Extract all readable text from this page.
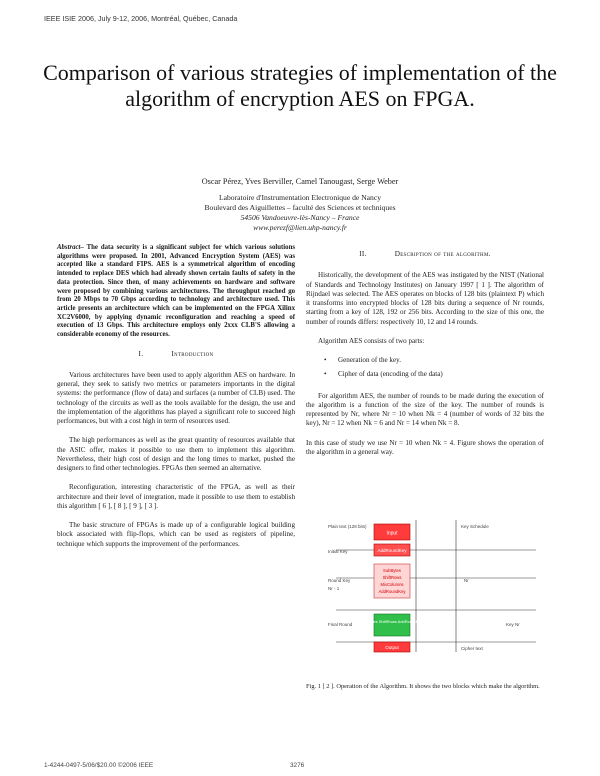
IEEE ISIE 2006, July 9-12, 2006, Montréal, Québec, Canada
Comparison of various strategies of implementation of the algorithm of encryption AES on FPGA.
Oscar Pérez, Yves Berviller, Camel Tanougast, Serge Weber
Laboratoire d'Instrumentation Electronique de Nancy
Boulevard des Aiguillettes – faculté des Sciences et techniques
54506 Vandoeuvre-lès-Nancy – France
www.perezf@lien.uhp-nancy.fr
Abstract– The data security is a significant subject for which various solutions algorithms were proposed. In 2001, Advanced Encryption System (AES) was accepted like a standard FIPS. AES is a symmetrical algorithm of encoding intended to replace DES which had already shown certain faults of safety in the data protection. Since then, of many achievements on hardware and software were proposed by combining various architectures. The throughput reached go from 20 Mbps to 70 Gbps according to technology and architecture used. This article presents an architecture which can be implemented on the FPGA Xilinx XC2V6000, by applying dynamic reconfiguration and reaching a speed of execution of 13 Gbps. This architecture employs only 2xxx CLB'S allowing a considerable economy of the resources.
I.	Introduction

Various architectures have been used to apply algorithm AES on hardware. In general, they seek to satisfy two metrics or parameters importants in the digital systems: the performance (flow of data) and surfaces (a number of CLB) used. The technology of the circuits as well as the tools available for the design, the use and the implementation of the algorithms has played a significant role to succeed high performances, but with a cost high in term of resources used.

The high performances as well as the great quantity of resources available that the ASIC offer, makes it possible to use them to implement this algorithm. Nevertheless, their high cost of design and the long times to market, pushed the designers to find other technologies. FPGAs then seemed an alternative.

Reconfiguration, interesting characteristic of the FPGA, as well as their architecture and their level of integration, made it possible to use them to establish this algorithm [ 6 ], [ 8 ], [ 9 ], [ 3 ].

The basic structure of FPGAs is made up of a configurable logical building block associated with flip-flops, which can be used as registers of pipeline, technique which supports the improvement of the performances.

II.	Description of the algorithm.

Historically, the development of the AES was instigated by the NIST (National of Standards and Technology Institutes) on January 1997 [ 1 ]. The algorithm of Rijndael was selected. The AES operates on blocks of 128 bits (plaintext P) which it transforms into encrypted blocks of 128 bits during a sequence of Nr rounds, starting from a key of 128, 192 or 256 bits. According to the size of this one, the number of rounds differs: respectively 10, 12 and 14 rounds.

Algorithm AES consists of two parts:

• Generation of the key.
• Cipher of data (encoding of the data)

For algorithm AES, the number of rounds to be made during the execution of the algorithm is a function of the size of the key. The number of rounds is represented by Nr, where Nr = 10 when Nk = 4 (number of words of 32 bits the key), Nr = 12 when Nk = 6 and Nr = 14 when Nk = 8.

In this case of study we use Nr = 10 when Nk = 4. Figure shows the operation of the algorithm in a general way.

Input
Plain text (128 bits)
AddRoundKey
Initial Key
SubBytes
ShiftRows
MixColumns
AddRoundKey
Round Key
Nr - 1
SubBytes ShiftRows AddRoundKey
Final Round
Output
Key Schedule
Nr
Key Nr
Cipher text
Fig. 1 [ 2 ]. Operation of the Algorithm. It shows the two blocks which make the algorithm.
1-4244-0497-5/06/$20.00 ©2006 IEEE	3276
